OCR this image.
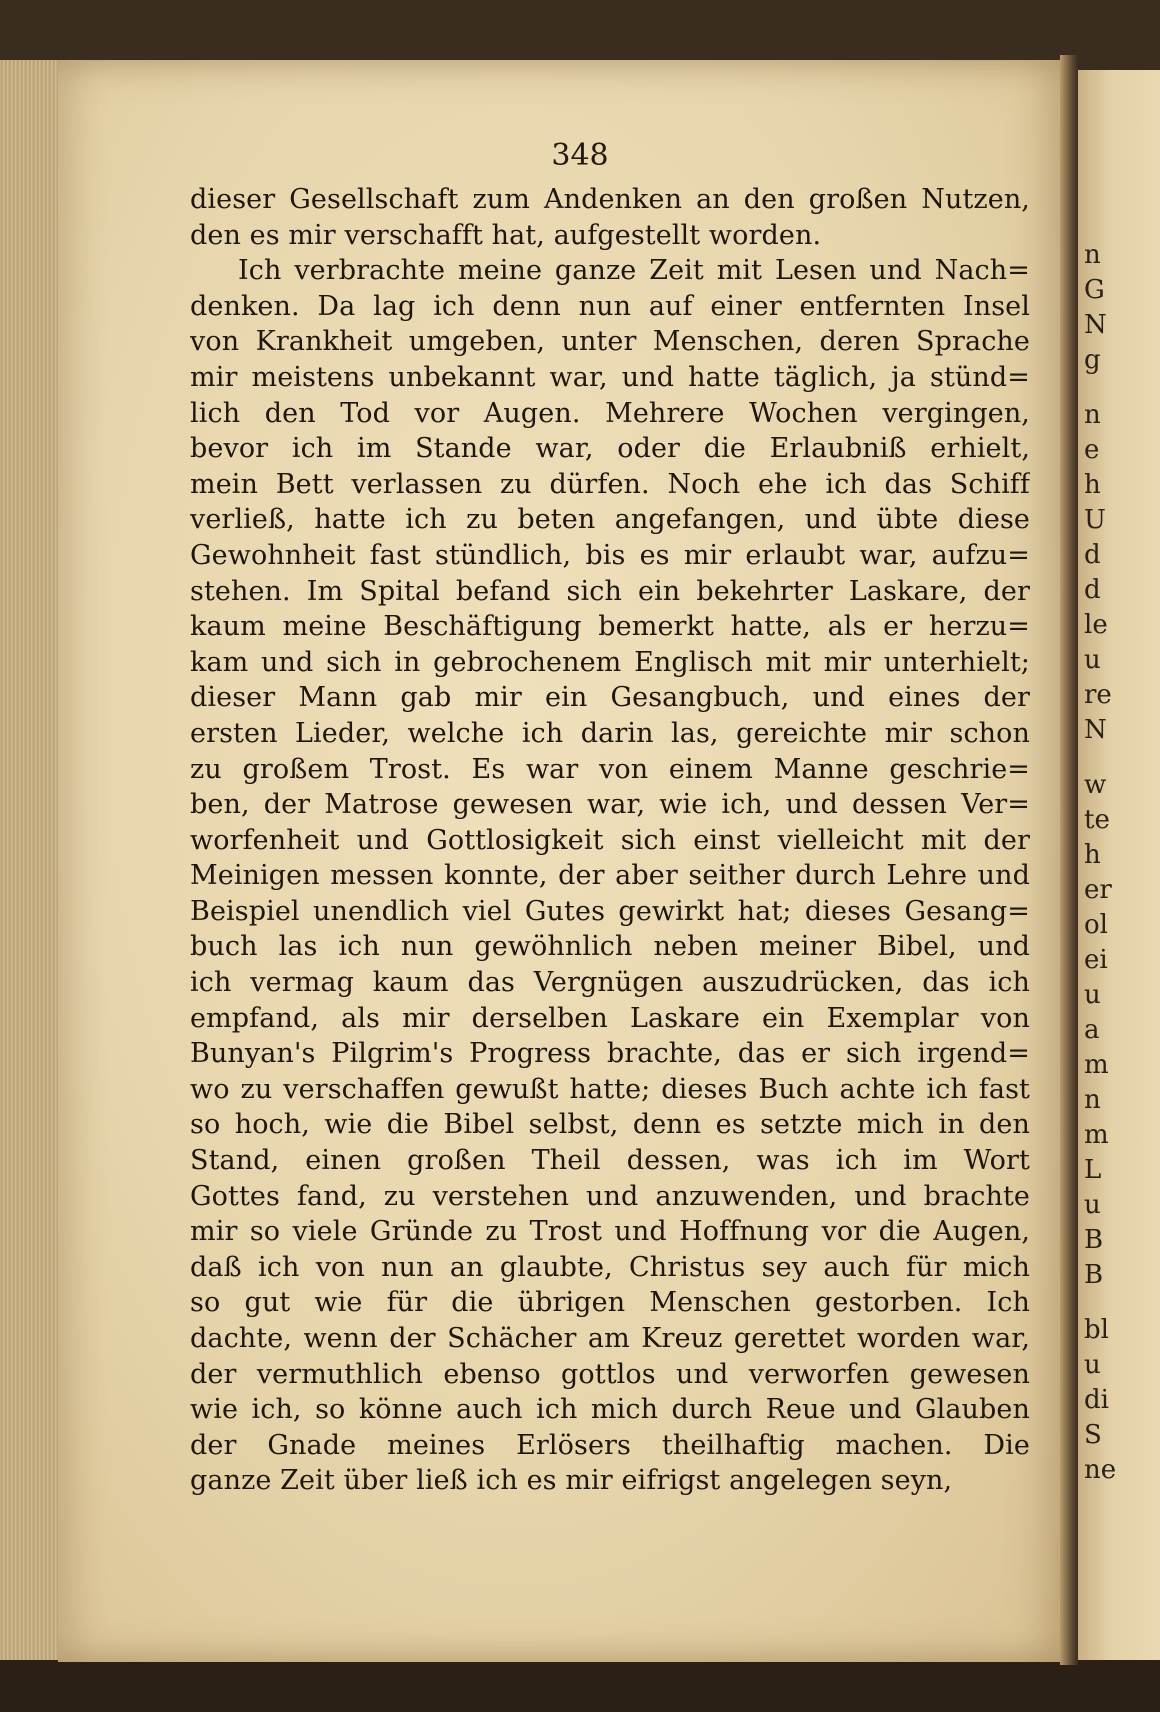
n
G
N
g
n
e
h
U
d
d
le
u
re
N
w
te
h
er
ol
ei
u
a
m
n
m
L
u
B
B
bl
u
di
S
ne
348
dieser Gesellschaft zum Andenken an den großen Nutzen,
den es mir verschafft hat, aufgestellt worden.
Ich verbrachte meine ganze Zeit mit Lesen und Nach=
denken. Da lag ich denn nun auf einer entfernten Insel
von Krankheit umgeben, unter Menschen, deren Sprache
mir meistens unbekannt war, und hatte täglich, ja stünd=
lich den Tod vor Augen. Mehrere Wochen vergingen,
bevor ich im Stande war, oder die Erlaubniß erhielt,
mein Bett verlassen zu dürfen. Noch ehe ich das Schiff
verließ, hatte ich zu beten angefangen, und übte diese
Gewohnheit fast stündlich, bis es mir erlaubt war, aufzu=
stehen. Im Spital befand sich ein bekehrter Laskare, der
kaum meine Beschäftigung bemerkt hatte, als er herzu=
kam und sich in gebrochenem Englisch mit mir unterhielt;
dieser Mann gab mir ein Gesangbuch, und eines der
ersten Lieder, welche ich darin las, gereichte mir schon
zu großem Trost. Es war von einem Manne geschrie=
ben, der Matrose gewesen war, wie ich, und dessen Ver=
worfenheit und Gottlosigkeit sich einst vielleicht mit der
Meinigen messen konnte, der aber seither durch Lehre und
Beispiel unendlich viel Gutes gewirkt hat; dieses Gesang=
buch las ich nun gewöhnlich neben meiner Bibel, und
ich vermag kaum das Vergnügen auszudrücken, das ich
empfand, als mir derselben Laskare ein Exemplar von
Bunyan's Pilgrim's Progress brachte, das er sich irgend=
wo zu verschaffen gewußt hatte; dieses Buch achte ich fast
so hoch, wie die Bibel selbst, denn es setzte mich in den
Stand, einen großen Theil dessen, was ich im Wort
Gottes fand, zu verstehen und anzuwenden, und brachte
mir so viele Gründe zu Trost und Hoffnung vor die Augen,
daß ich von nun an glaubte, Christus sey auch für mich
so gut wie für die übrigen Menschen gestorben. Ich
dachte, wenn der Schächer am Kreuz gerettet worden war,
der vermuthlich ebenso gottlos und verworfen gewesen
wie ich, so könne auch ich mich durch Reue und Glauben
der Gnade meines Erlösers theilhaftig machen. Die
ganze Zeit über ließ ich es mir eifrigst angelegen seyn,
